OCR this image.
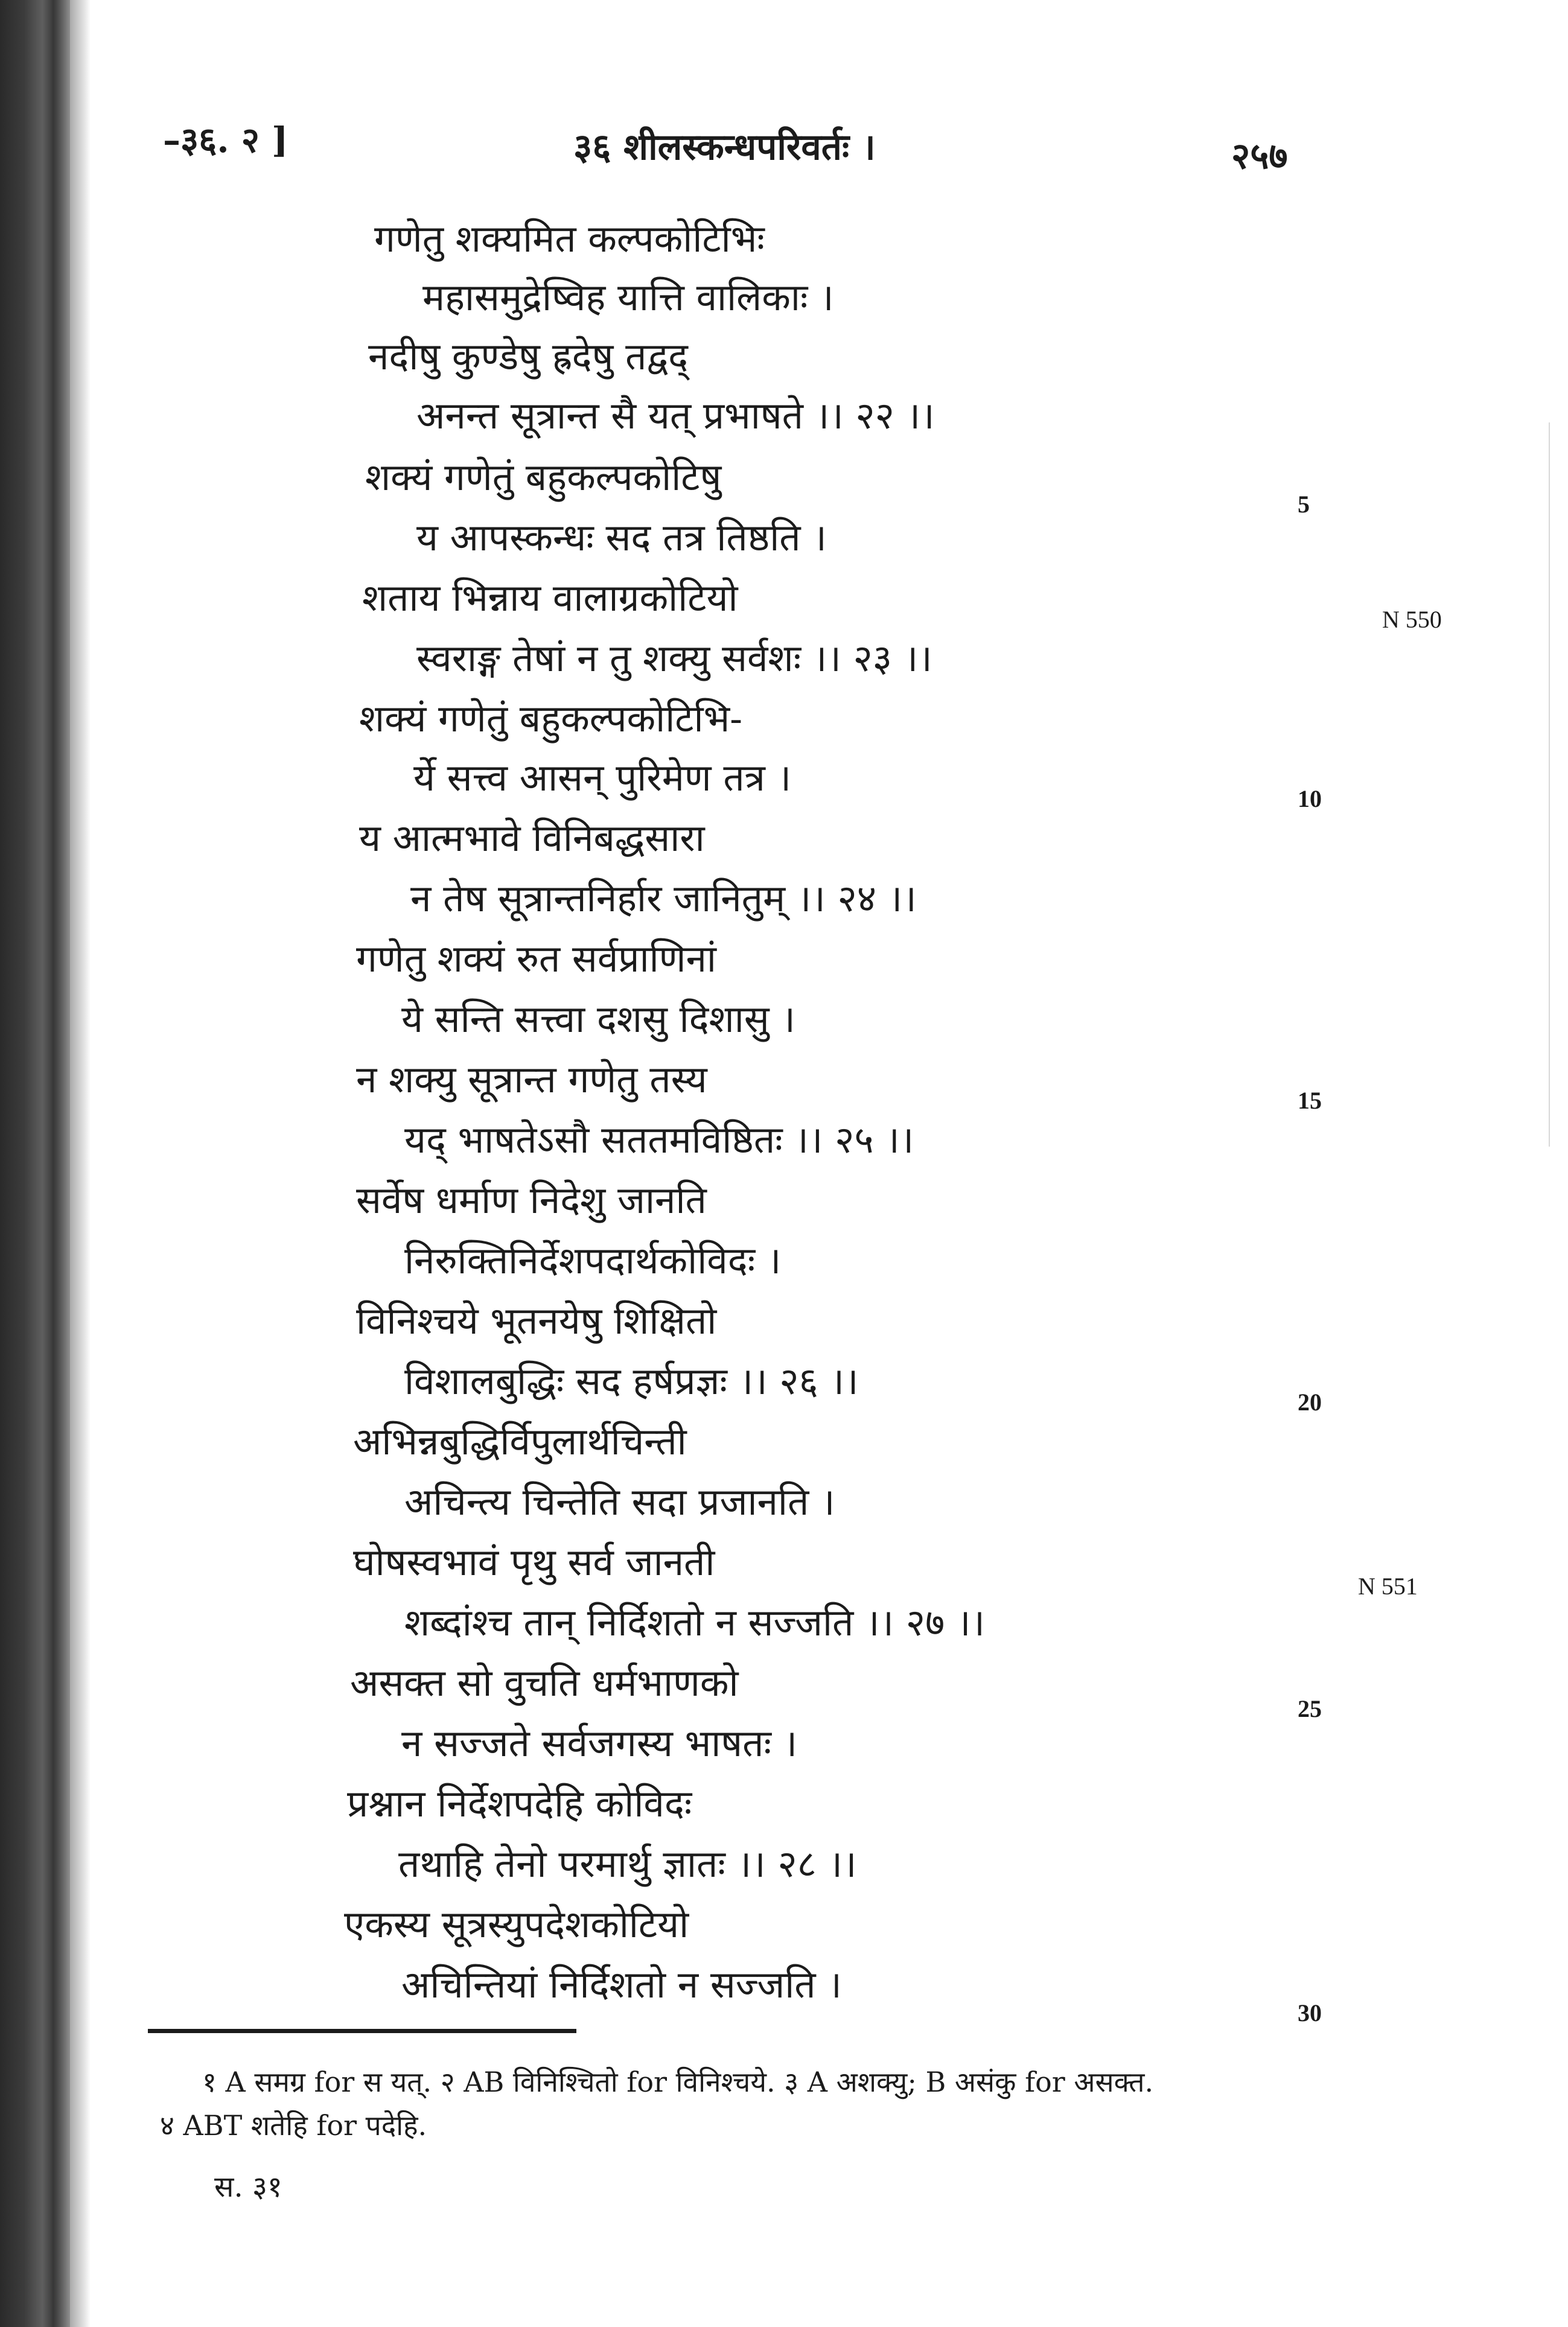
–३६. २ ]	३६ शीलस्कन्धपरिवर्तः ।	२५७
गणेतु शक्यमित कल्पकोटिभिः
महासमुद्रेष्विह यात्ति वालिकाः ।
नदीषु कुण्डेषु ह्रदेषु तद्वद्
अनन्त सूत्रान्त सै यत् प्रभाषते ।। २२ ।।
शक्यं गणेतुं बहुकल्पकोटिषु
य आपस्कन्धः सद तत्र तिष्ठति ।
शताय भिन्नाय वालाग्रकोटियो
स्वराङ्ग तेषां न तु शक्यु सर्वशः ।। २३ ।।
शक्यं गणेतुं बहुकल्पकोटिभि-
र्ये सत्त्व आसन् पुरिमेण तत्र ।
य आत्मभावे विनिबद्धसारा
न तेष सूत्रान्तनिर्हार जानितुम् ।। २४ ।।
गणेतु शक्यं रुत सर्वप्राणिनां
ये सन्ति सत्त्वा दशसु दिशासु ।
न शक्यु सूत्रान्त गणेतु तस्य
यद् भाषतेऽसौ सततमविष्ठितः ।। २५ ।।
सर्वेष धर्माण निदेशु जानति
निरुक्तिनिर्देशपदार्थकोविदः ।
विनिश्चये भूतनयेषु शिक्षितो
विशालबुद्धिः सद हर्षप्रज्ञः ।। २६ ।।
अभिन्नबुद्धिर्विपुलार्थचिन्ती
अचिन्त्य चिन्तेति सदा प्रजानति ।
घोषस्वभावं पृथु सर्व जानती
शब्दांश्च तान् निर्दिशतो न सज्जति ।। २७ ।।
असक्त सो वुचति धर्मभाणको
न सज्जते सर्वजगस्य भाषतः ।
प्रश्नान निर्देशपदेहि कोविदः
तथाहि तेनो परमार्थु ज्ञातः ।। २८ ।।
एकस्य सूत्रस्युपदेशकोटियो
अचिन्तियां निर्दिशतो न सज्जति ।
5
10
15
20
25
30
N 550
N 551
१ A समग्र for स यत्. २ AB विनिश्चितो for विनिश्चये. ३ A अशक्यु; B असंकु for असक्त.
४ ABT शतेहि for पदेहि.
स. ३१
